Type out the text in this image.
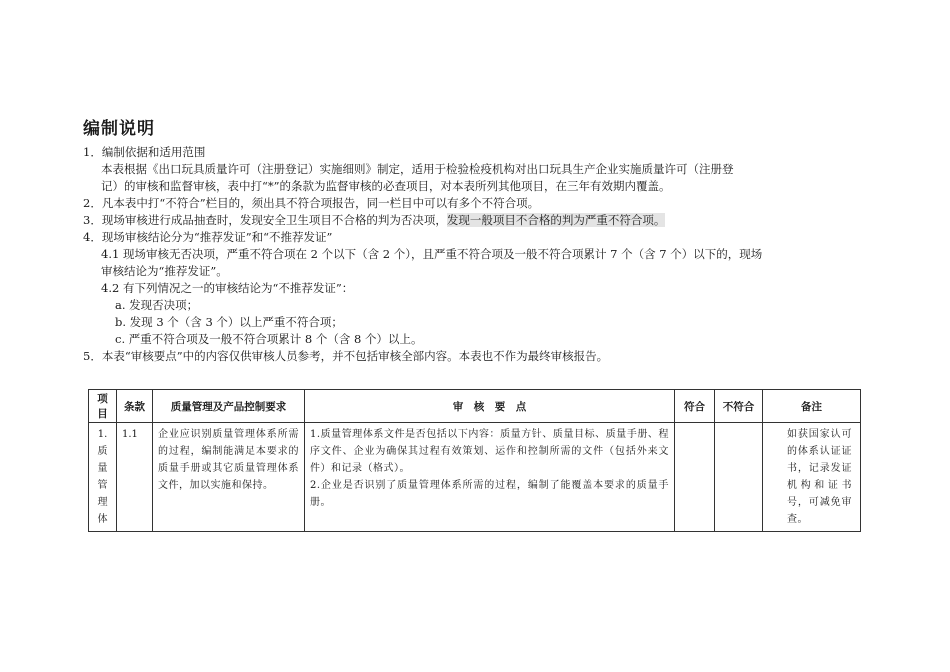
编制说明
1．编制依据和适用范围
本表根据《出口玩具质量许可（注册登记）实施细则》制定，适用于检验检疫机构对出口玩具生产企业实施质量许可（注册登
记）的审核和监督审核，表中打“*”的条款为监督审核的必查项目，对本表所列其他项目，在三年有效期内覆盖。
2．凡本表中打“不符合”栏目的，须出具不符合项报告，同一栏目中可以有多个不符合项。
3．现场审核进行成品抽查时，发现安全卫生项目不合格的判为否决项，发现一般项目不合格的判为严重不符合项。
4．现场审核结论分为“推荐发证”和“不推荐发证”
4.1 现场审核无否决项，严重不符合项在 2 个以下（含 2 个），且严重不符合项及一般不符合项累计 7 个（含 7 个）以下的，现场
审核结论为“推荐发证”。
4.2 有下列情况之一的审核结论为“不推荐发证”：
a. 发现否决项；
b. 发现 3 个（含 3 个）以上严重不符合项；
c. 严重不符合项及一般不符合项累计 8 个（含 8 个）以上。
5．本表“审核要点”中的内容仅供审核人员参考，并不包括审核全部内容。本表也不作为最终审核报告。
项目	条款	质量管理及产品控制要求	审　核　要　点	符合	不符合	备注

1.质量管理体	1.1	企业应识别质量管理体系所需的过程，编制能满足本要求的质量手册或其它质量管理体系文件，加以实施和保持。	1.质量管理体系文件是否包括以下内容：质量方针、质量目标、质量手册、程序文件、企业为确保其过程有效策划、运作和控制所需的文件（包括外来文件）和记录（格式）。
2.企业是否识别了质量管理体系所需的过程，编制了能覆盖本要求的质量手册。			如获国家认可的体系认证证书，记录发证机构和证书号，可减免审查。
